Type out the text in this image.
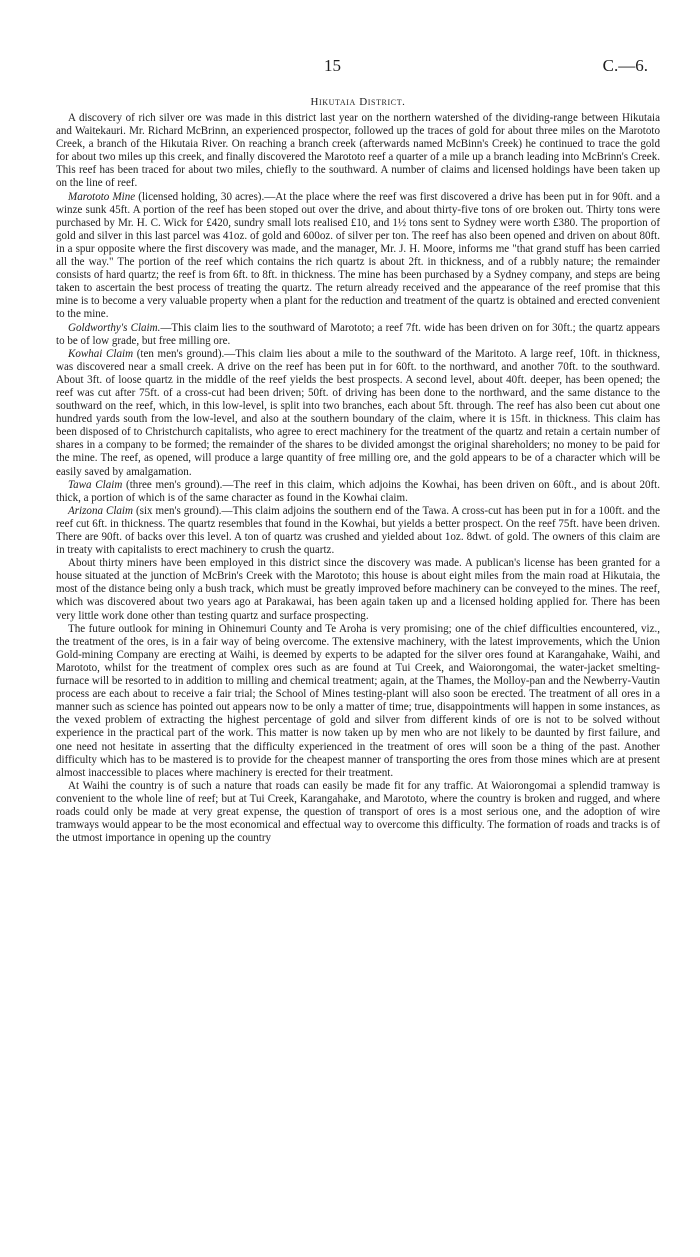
15	C.—6.
Hikutaia District.

A discovery of rich silver ore was made in this district last year on the northern watershed of the dividing-range between Hikutaia and Waitekauri. Mr. Richard McBrinn, an experienced prospector, followed up the traces of gold for about three miles on the Marototo Creek, a branch of the Hikutaia River. On reaching a branch creek (afterwards named McBinn's Creek) he continued to trace the gold for about two miles up this creek, and finally discovered the Marototo reef a quarter of a mile up a branch leading into McBrinn's Creek. This reef has been traced for about two miles, chiefly to the southward. A number of claims and licensed holdings have been taken up on the line of reef.

Marototo Mine (licensed holding, 30 acres).—At the place where the reef was first discovered a drive has been put in for 90ft. and a winze sunk 45ft. A portion of the reef has been stoped out over the drive, and about thirty-five tons of ore broken out. Thirty tons were purchased by Mr. H. C. Wick for £420, sundry small lots realised £10, and 1½ tons sent to Sydney were worth £380. The proportion of gold and silver in this last parcel was 41oz. of gold and 600oz. of silver per ton. The reef has also been opened and driven on about 80ft. in a spur opposite where the first discovery was made, and the manager, Mr. J. H. Moore, informs me "that grand stuff has been carried all the way." The portion of the reef which contains the rich quartz is about 2ft. in thickness, and of a rubbly nature; the remainder consists of hard quartz; the reef is from 6ft. to 8ft. in thickness. The mine has been purchased by a Sydney company, and steps are being taken to ascertain the best process of treating the quartz. The return already received and the appearance of the reef promise that this mine is to become a very valuable property when a plant for the reduction and treatment of the quartz is obtained and erected convenient to the mine.

Goldworthy's Claim.—This claim lies to the southward of Marototo; a reef 7ft. wide has been driven on for 30ft.; the quartz appears to be of low grade, but free milling ore.

Kowhai Claim (ten men's ground).—This claim lies about a mile to the southward of the Maritoto. A large reef, 10ft. in thickness, was discovered near a small creek. A drive on the reef has been put in for 60ft. to the northward, and another 70ft. to the southward. About 3ft. of loose quartz in the middle of the reef yields the best prospects. A second level, about 40ft. deeper, has been opened; the reef was cut after 75ft. of a cross-cut had been driven; 50ft. of driving has been done to the northward, and the same distance to the southward on the reef, which, in this low-level, is split into two branches, each about 5ft. through. The reef has also been cut about one hundred yards south from the low-level, and also at the southern boundary of the claim, where it is 15ft. in thickness. This claim has been disposed of to Christchurch capitalists, who agree to erect machinery for the treatment of the quartz and retain a certain number of shares in a company to be formed; the remainder of the shares to be divided amongst the original shareholders; no money to be paid for the mine. The reef, as opened, will produce a large quantity of free milling ore, and the gold appears to be of a character which will be easily saved by amalgamation.

Tawa Claim (three men's ground).—The reef in this claim, which adjoins the Kowhai, has been driven on 60ft., and is about 20ft. thick, a portion of which is of the same character as found in the Kowhai claim.

Arizona Claim (six men's ground).—This claim adjoins the southern end of the Tawa. A cross-cut has been put in for a 100ft. and the reef cut 6ft. in thickness. The quartz resembles that found in the Kowhai, but yields a better prospect. On the reef 75ft. have been driven. There are 90ft. of backs over this level. A ton of quartz was crushed and yielded about 1oz. 8dwt. of gold. The owners of this claim are in treaty with capitalists to erect machinery to crush the quartz.

About thirty miners have been employed in this district since the discovery was made. A publican's license has been granted for a house situated at the junction of McBrin's Creek with the Marototo; this house is about eight miles from the main road at Hikutaia, the most of the distance being only a bush track, which must be greatly improved before machinery can be conveyed to the mines. The reef, which was discovered about two years ago at Parakawai, has been again taken up and a licensed holding applied for. There has been very little work done other than testing quartz and surface prospecting.

The future outlook for mining in Ohinemuri County and Te Aroha is very promising; one of the chief difficulties encountered, viz., the treatment of the ores, is in a fair way of being overcome. The extensive machinery, with the latest improvements, which the Union Gold-mining Company are erecting at Waihi, is deemed by experts to be adapted for the silver ores found at Karangahake, Waihi, and Marototo, whilst for the treatment of complex ores such as are found at Tui Creek, and Waiorongomai, the water-jacket smelting-furnace will be resorted to in addition to milling and chemical treatment; again, at the Thames, the Molloy-pan and the Newberry-Vautin process are each about to receive a fair trial; the School of Mines testing-plant will also soon be erected. The treatment of all ores in a manner such as science has pointed out appears now to be only a matter of time; true, disappointments will happen in some instances, as the vexed problem of extracting the highest percentage of gold and silver from different kinds of ore is not to be solved without experience in the practical part of the work. This matter is now taken up by men who are not likely to be daunted by first failure, and one need not hesitate in asserting that the difficulty experienced in the treatment of ores will soon be a thing of the past. Another difficulty which has to be mastered is to provide for the cheapest manner of transporting the ores from those mines which are at present almost inaccessible to places where machinery is erected for their treatment.

At Waihi the country is of such a nature that roads can easily be made fit for any traffic. At Waiorongomai a splendid tramway is convenient to the whole line of reef; but at Tui Creek, Karangahake, and Marototo, where the country is broken and rugged, and where roads could only be made at very great expense, the question of transport of ores is a most serious one, and the adoption of wire tramways would appear to be the most economical and effectual way to overcome this difficulty. The formation of roads and tracks is of the utmost importance in opening up the country
